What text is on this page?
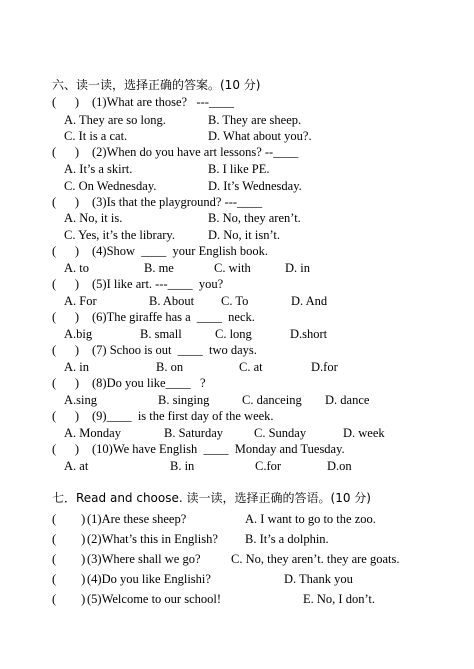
六、读一读，选择正确的答案。(10 分)
(      ) (1)What are those?   ---____
A. They are so long.	B. They are sheep.
C. It is a cat.	D. What about you?.
(      ) (2)When do you have art lessons? --____
A. It’s a skirt.	B. I like PE.
C. On Wednesday.	D. It’s Wednesday.
(      ) (3)Is that the playground? ---____
A. No, it is.	B. No, they aren’t.
C. Yes, it’s the library.	D. No, it isn’t.
(      ) (4)Show  ____  your English book.
A. to	B. me	C. with	D. in
(      ) (5)I like art. ---____  you?
A. For	B. About C. To	D. And
(      ) (6)The giraffe has a  ____  neck.
A.big	B. small	C. long	D.short
(      ) (7) Schoo is out  ____  two days.
A. in	B. on	C. at	D.for
(      ) (8)Do you like____   ?
A.sing	B. singing	C. danceing D. dance
(      ) (9)____  is the first day of the week.
A. Monday	B. Saturday C. Sunday	D. week
(      ) (10)We have English  ____  Monday and Tuesday.
A. at	B. in	C.for	D.on
七．Read and choose. 读一读，选择正确的答语。(10 分)
(        ) (1)Are these sheep?	A. I want to go to the zoo.
(        ) (2)What’s this in English? B. It’s a dolphin.
(        ) (3)Where shall we go? C. No, they aren’t. they are goats.
(        ) (4)Do you like Englishi?	D. Thank you
(        ) (5)Welcome to our school!	E. No, I don’t.
